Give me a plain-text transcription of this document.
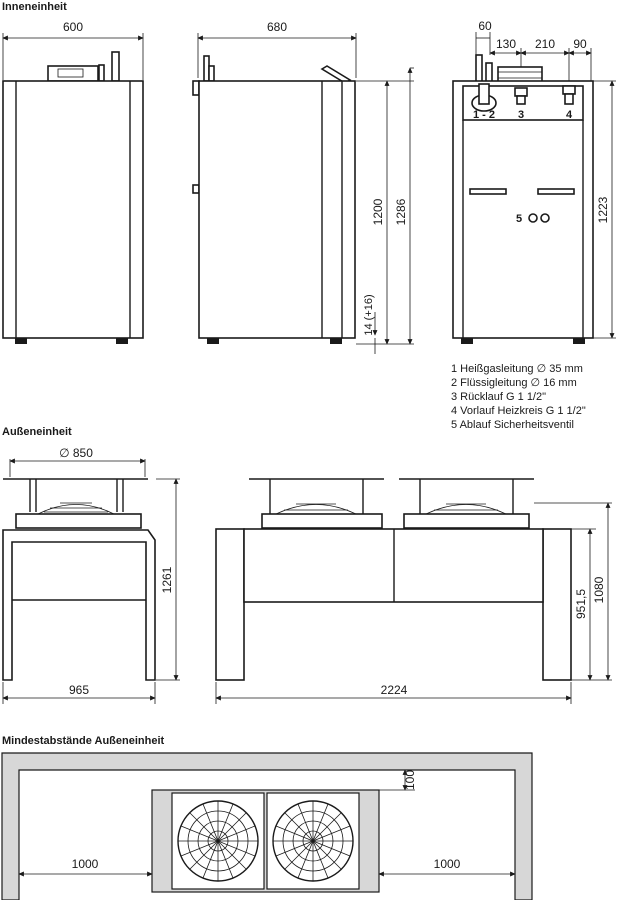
Inneneinheit
Außeneinheit
Mindestabstände Außeneinheit
600	680
1200 1286
14 (+16)
60
130 210 90
1 - 2 3	4
5	1223
1 Heißgasleitung ∅ 35 mm
2 Flüssigleitung ∅ 16 mm
3 Rücklauf G 1 1/2"
4 Vorlauf Heizkreis G 1 1/2"
5 Ablauf Sicherheitsventil
∅ 850
1261
965
951,5 1080
2224
100
1000	1000
